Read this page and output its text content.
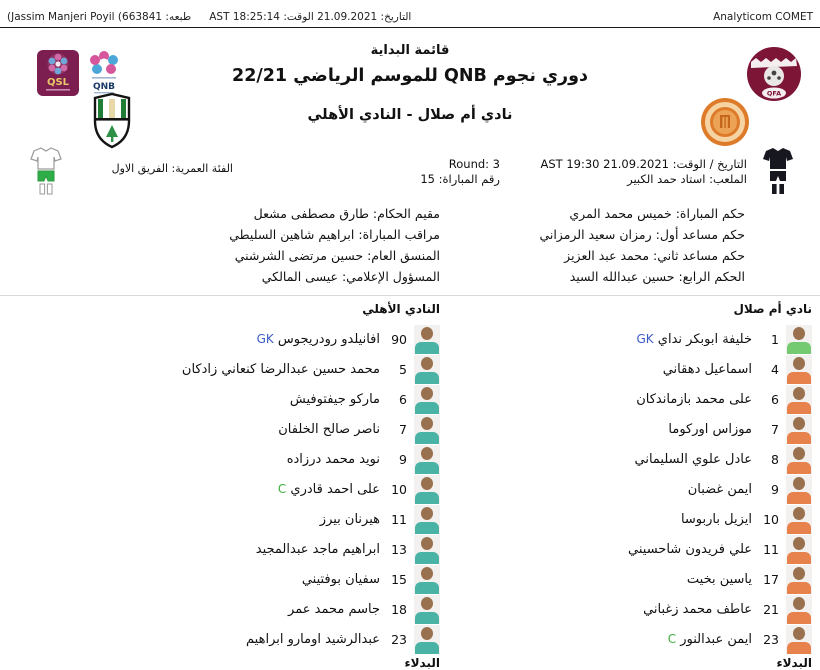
(Jassim Manjeri Poyil (663841 :طبعه التاريخ: 21.09.2021 الوقت: 18:25:14 AST	Analyticom COMET
QSL	QNB
QFA
قائمة البداية
دوري نجوم QNB للموسم الرياضي 22/21
نادي أم صلال - النادي الأهلي
التاريخ / الوقت: 21.09.2021 19:30 AST
الملعب: استاد حمد الكبير
Round: 3
رقم المباراة: 15
الفئة العمرية: الفريق الاول
حكم المباراة: خميس محمد المري
حكم مساعد أول: رمزان سعيد الرمزاني
حكم مساعد ثاني: محمد عبد العزيز
الحكم الرابع: حسين عبدالله السيد
مقيم الحكام: طارق مصطفى مشعل
مراقب المباراة: ابراهيم شاهين السليطي
المنسق العام: حسين مرتضى الشرشني
المسؤول الإعلامي: عيسى المالكي
نادي أم صلال
1
خليفة ابوبكر نداي GK
4
اسماعيل دهقاني
6
على محمد بازماندكان
7
موزاس اوركوما
8
عادل علوي السليماني
9
ايمن غضبان
10
ايزيل باربوسا
11
علي فريدون شاحسيني
17
ياسين بخيت
21
عاطف محمد زغباني
23
ايمن عبدالنور C
البدلاء
النادي الأهلي
90
افانيلدو رودريجوس GK
5
محمد حسين عبدالرضا كنعاني زادكان
6
ماركو جيفتوفيش
7
ناصر صالح الخلفان
9
نويد محمد درزاده
10
على احمد قادري C
11
هيرنان بيرز
13
ابراهيم ماجد عبدالمجيد
15
سفيان بوفتيني
18
جاسم محمد عمر
23
عبدالرشيد اومارو ابراهيم
البدلاء
